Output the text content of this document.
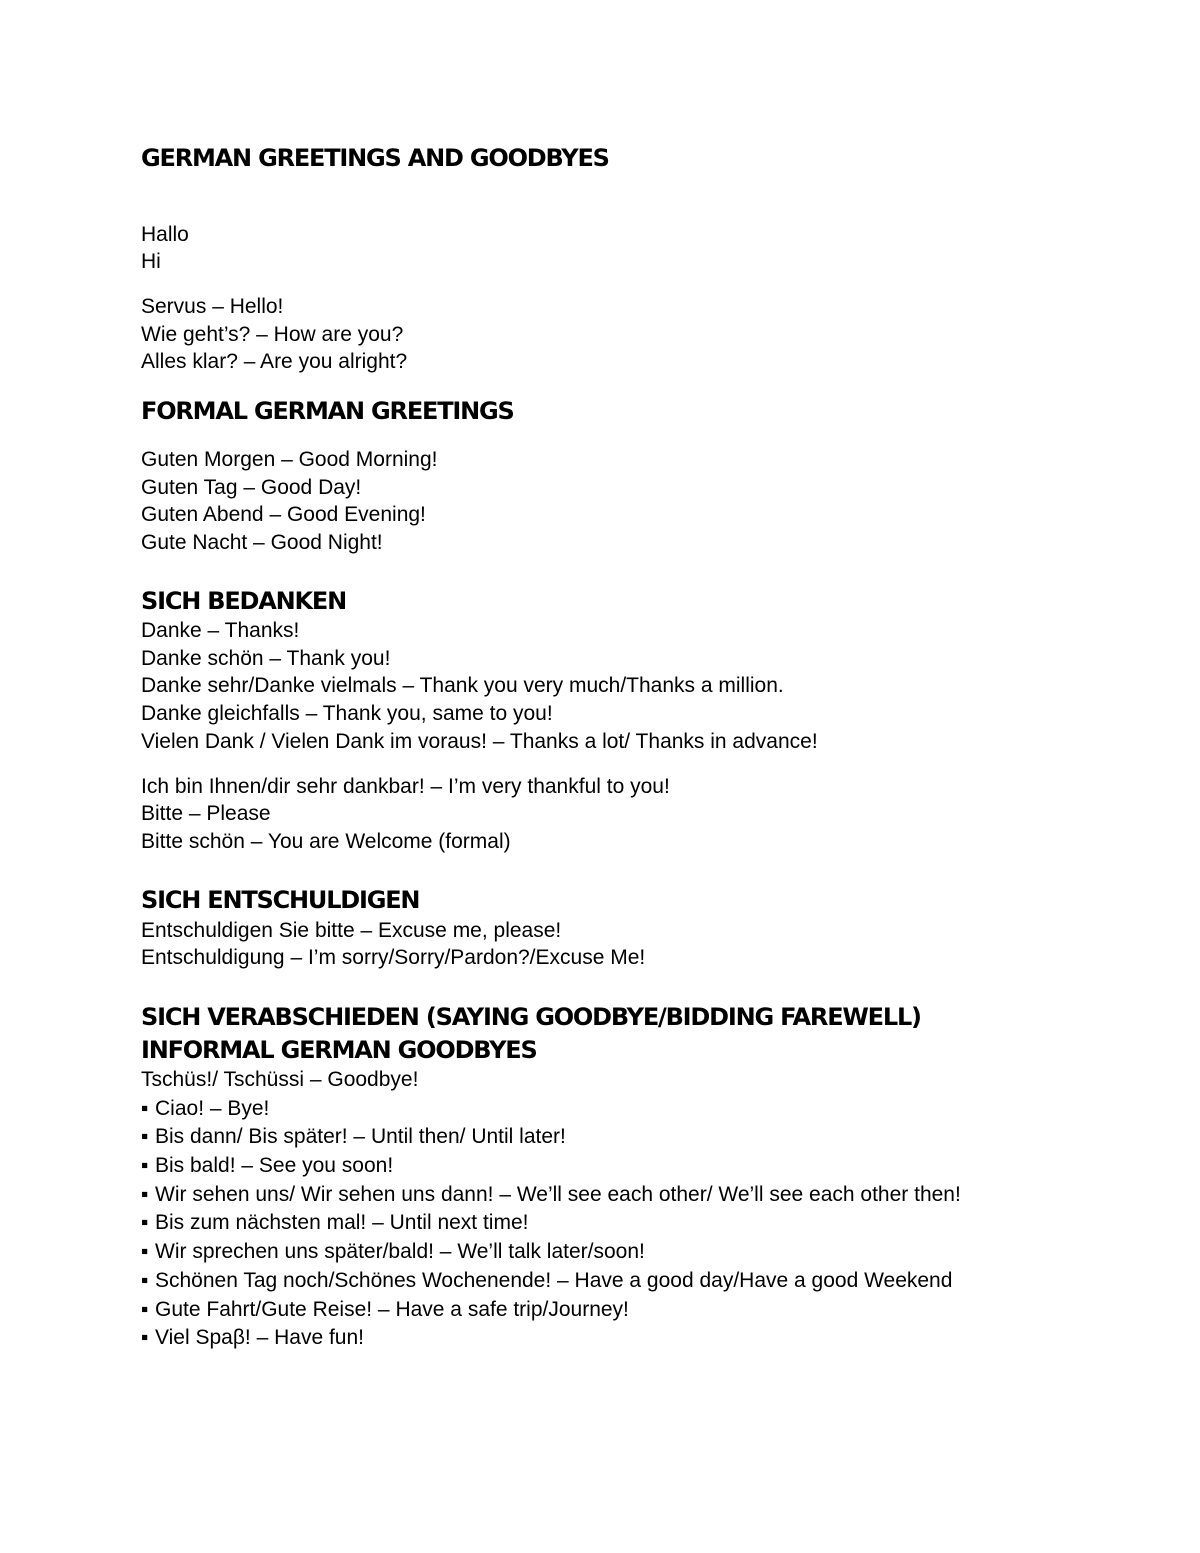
GERMAN GREETINGS AND GOODBYES
Hallo
Hi
Servus – Hello!
Wie geht’s? – How are you?
Alles klar? – Are you alright?
FORMAL GERMAN GREETINGS
Guten Morgen – Good Morning!
Guten Tag – Good Day!
Guten Abend – Good Evening!
Gute Nacht – Good Night!
SICH BEDANKEN
Danke – Thanks!
Danke schön – Thank you!
Danke sehr/Danke vielmals – Thank you very much/Thanks a million.
Danke gleichfalls – Thank you, same to you!
Vielen Dank / Vielen Dank im voraus! – Thanks a lot/ Thanks in advance!
Ich bin Ihnen/dir sehr dankbar! – I’m very thankful to you!
Bitte – Please
Bitte schön – You are Welcome (formal)
SICH ENTSCHULDIGEN
Entschuldigen Sie bitte – Excuse me, please!
Entschuldigung – I’m sorry/Sorry/Pardon?/Excuse Me!
SICH VERABSCHIEDEN (SAYING GOODBYE/BIDDING FAREWELL)
INFORMAL GERMAN GOODBYES
Tschüs!/ Tschüssi – Goodbye!
▪ Ciao! – Bye!
▪ Bis dann/ Bis später! – Until then/ Until later!
▪ Bis bald! – See you soon!
▪ Wir sehen uns/ Wir sehen uns dann! – We’ll see each other/ We’ll see each other then!
▪ Bis zum nächsten mal! – Until next time!
▪ Wir sprechen uns später/bald! – We’ll talk later/soon!
▪ Schönen Tag noch/Schönes Wochenende! – Have a good day/Have a good Weekend
▪ Gute Fahrt/Gute Reise! – Have a safe trip/Journey!
▪ Viel Spaβ! – Have fun!
